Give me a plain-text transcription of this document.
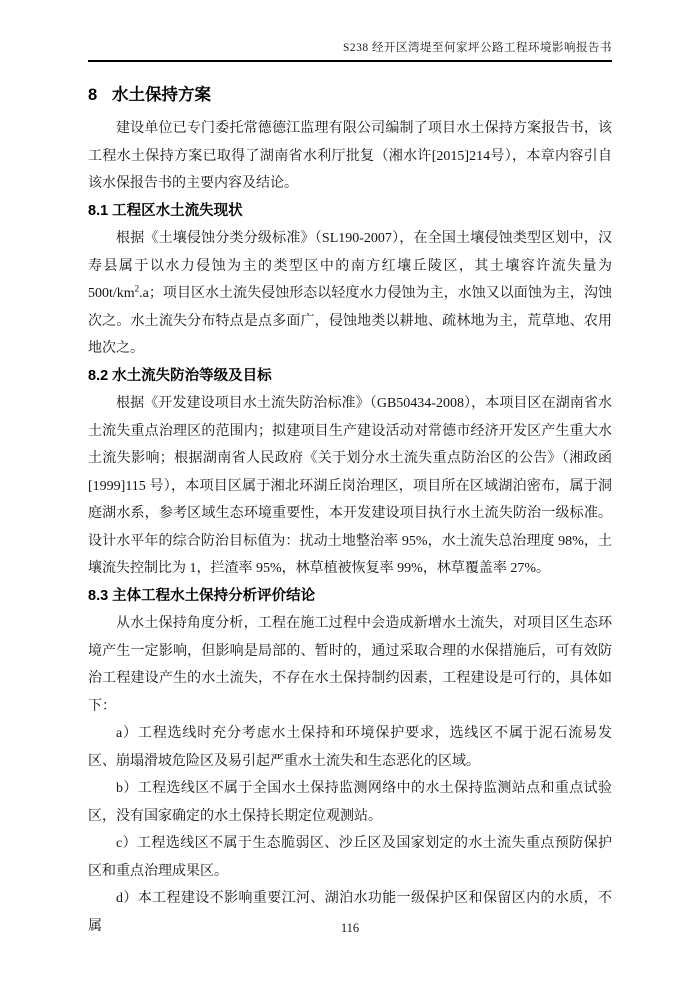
S238 经开区湾堤至何家坪公路工程环境影响报告书
8 水土保持方案

建设单位已专门委托常德德江监理有限公司编制了项目水土保持方案报告书，该工程水土保持方案已取得了湖南省水利厅批复（湘水许[2015]214号），本章内容引自该水保报告书的主要内容及结论。

8.1 工程区水土流失现状

根据《土壤侵蚀分类分级标准》（SL190-2007），在全国土壤侵蚀类型区划中，汉寿县属于以水力侵蚀为主的类型区中的南方红壤丘陵区，其土壤容许流失量为$500t/km^2.a$；项目区水土流失侵蚀形态以轻度水力侵蚀为主，水蚀又以面蚀为主，沟蚀次之。水土流失分布特点是点多面广，侵蚀地类以耕地、疏林地为主，荒草地、农用地次之。

8.2 水土流失防治等级及目标

根据《开发建设项目水土流失防治标准》（GB50434-2008），本项目区在湖南省水土流失重点治理区的范围内；拟建项目生产建设活动对常德市经济开发区产生重大水土流失影响；根据湖南省人民政府《关于划分水土流失重点防治区的公告》（湘政函[1999]115 号），本项目区属于湘北环湖丘岗治理区，项目所在区域湖泊密布，属于洞庭湖水系，参考区域生态环境重要性，本开发建设项目执行水土流失防治一级标准。设计水平年的综合防治目标值为：扰动土地整治率 95%，水土流失总治理度 98%，土壤流失控制比为 1，拦渣率 95%，林草植被恢复率 99%，林草覆盖率 27%。

8.3 主体工程水土保持分析评价结论

从水土保持角度分析，工程在施工过程中会造成新增水土流失，对项目区生态环境产生一定影响，但影响是局部的、暂时的，通过采取合理的水保措施后，可有效防治工程建设产生的水土流失，不存在水土保持制约因素，工程建设是可行的，具体如下：

a）工程选线时充分考虑水土保持和环境保护要求，选线区不属于泥石流易发区、崩塌滑坡危险区及易引起严重水土流失和生态恶化的区域。

b）工程选线区不属于全国水土保持监测网络中的水土保持监测站点和重点试验区，没有国家确定的水土保持长期定位观测站。

c）工程选线区不属于生态脆弱区、沙丘区及国家划定的水土流失重点预防保护区和重点治理成果区。

d）本工程建设不影响重要江河、湖泊水功能一级保护区和保留区内的水质，不属	116
